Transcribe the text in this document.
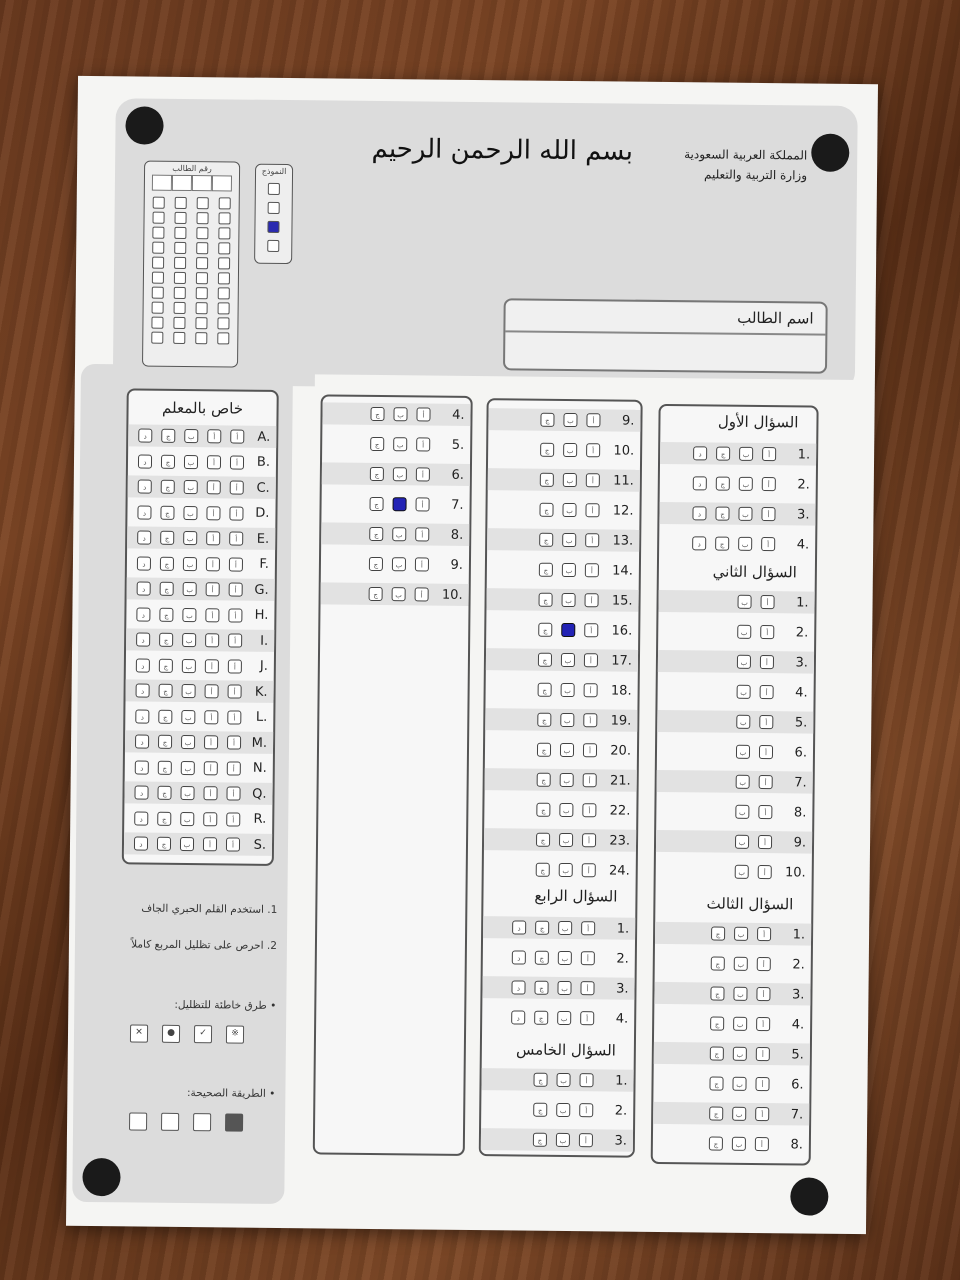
بسم الله الرحمن الرحيم	المملكة العربية السعودية
وزارة التربية والتعليم
اسم الطالب
رقم الطالب	النموذج
خاص بالمعلم
د	ج	ب	أ	أ	A.
د	ج	ب	أ	أ	B.
د	ج	ب	أ	أ	C.
د	ج	ب	أ	أ	D.
د	ج	ب	أ	أ	E.
د	ج	ب	أ	أ	F.
د	ج	ب	أ	أ	G.
د	ج	ب	أ	أ	H.
د	ج	ب	أ	أ	I.
د	ج	ب	أ	أ	J.
د	ج	ب	أ	أ	K.
د	ج	ب	أ	أ	L.
د	ج	ب	أ	أ	M.
د	ج	ب	أ	أ	N.
د	ج	ب	أ	أ	Q.
د	ج	ب	أ	أ	R.
د	ج	ب	أ	أ	S.
1. استخدم القلم الحبري الجاف
2. احرص على تظليل المربع كاملاً
• طرق خاطئة للتظليل:
✕	●	✓	※
• الطريقة الصحيحة:
ج	ب	أ	4.
ج	ب	أ	5.
ج	ب	أ	6.
ج	أ	7.
ج	ب	أ	8.
ج	ب	أ	9.
ج	ب	أ	10.
ج	ب	أ	9.
ج	ب	أ	10.
ج	ب	أ	11.
ج	ب	أ	12.
ج	ب	أ	13.
ج	ب	أ	14.
ج	ب	أ	15.
ج	أ	16.
ج	ب	أ	17.
ج	ب	أ	18.
ج	ب	أ	19.
ج	ب	أ	20.
ج	ب	أ	21.
ج	ب	أ	22.
ج	ب	أ	23.
ج	ب	أ	24.
السؤال الرابع
د	ج	ب	أ	1.
د	ج	ب	أ	2.
د	ج	ب	أ	3.
د	ج	ب	أ	4.
السؤال الخامس
ج	ب	أ	1.
ج	ب	أ	2.
ج	ب	أ	3.
السؤال الأول
د	ج	ب	أ	1.
د	ج	ب	أ	2.
د	ج	ب	أ	3.
د	ج	ب	أ	4.
السؤال الثاني
ب	أ	1.
ب	أ	2.
ب	أ	3.
ب	أ	4.
ب	أ	5.
ب	أ	6.
ب	أ	7.
ب	أ	8.
ب	أ	9.
ب	أ	10.
السؤال الثالث
ج	ب	أ	1.
ج	ب	أ	2.
ج	ب	أ	3.
ج	ب	أ	4.
ج	ب	أ	5.
ج	ب	أ	6.
ج	ب	أ	7.
ج	ب	أ	8.
